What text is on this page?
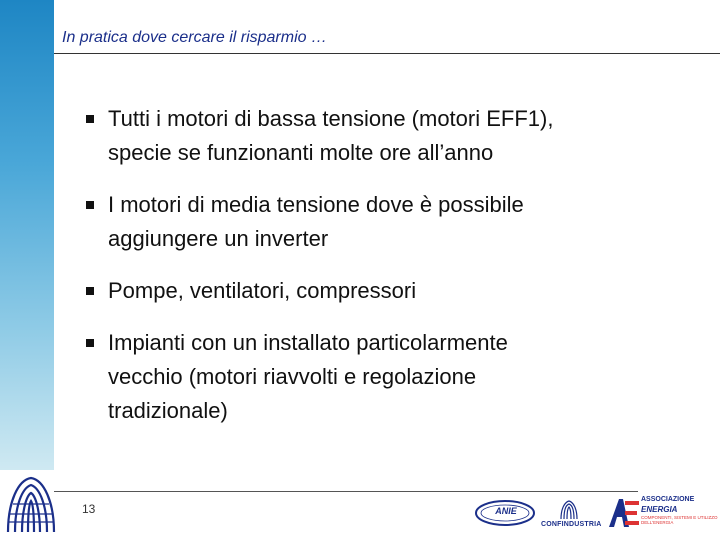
In pratica dove cercare il risparmio …
Tutti i motori di bassa tensione (motori EFF1),
specie se funzionanti molte ore all’anno
I motori di media tensione dove è possibile
aggiungere un inverter
Pompe, ventilatori, compressori
Impianti con un installato particolarmente
vecchio (motori riavvolti e regolazione
tradizionale)
13	ANIE
CONFINDUSTRIA
ASSOCIAZIONE
ENERGIA
COMPONENTI, SISTEMI E UTILIZZO DELL'ENERGIA
